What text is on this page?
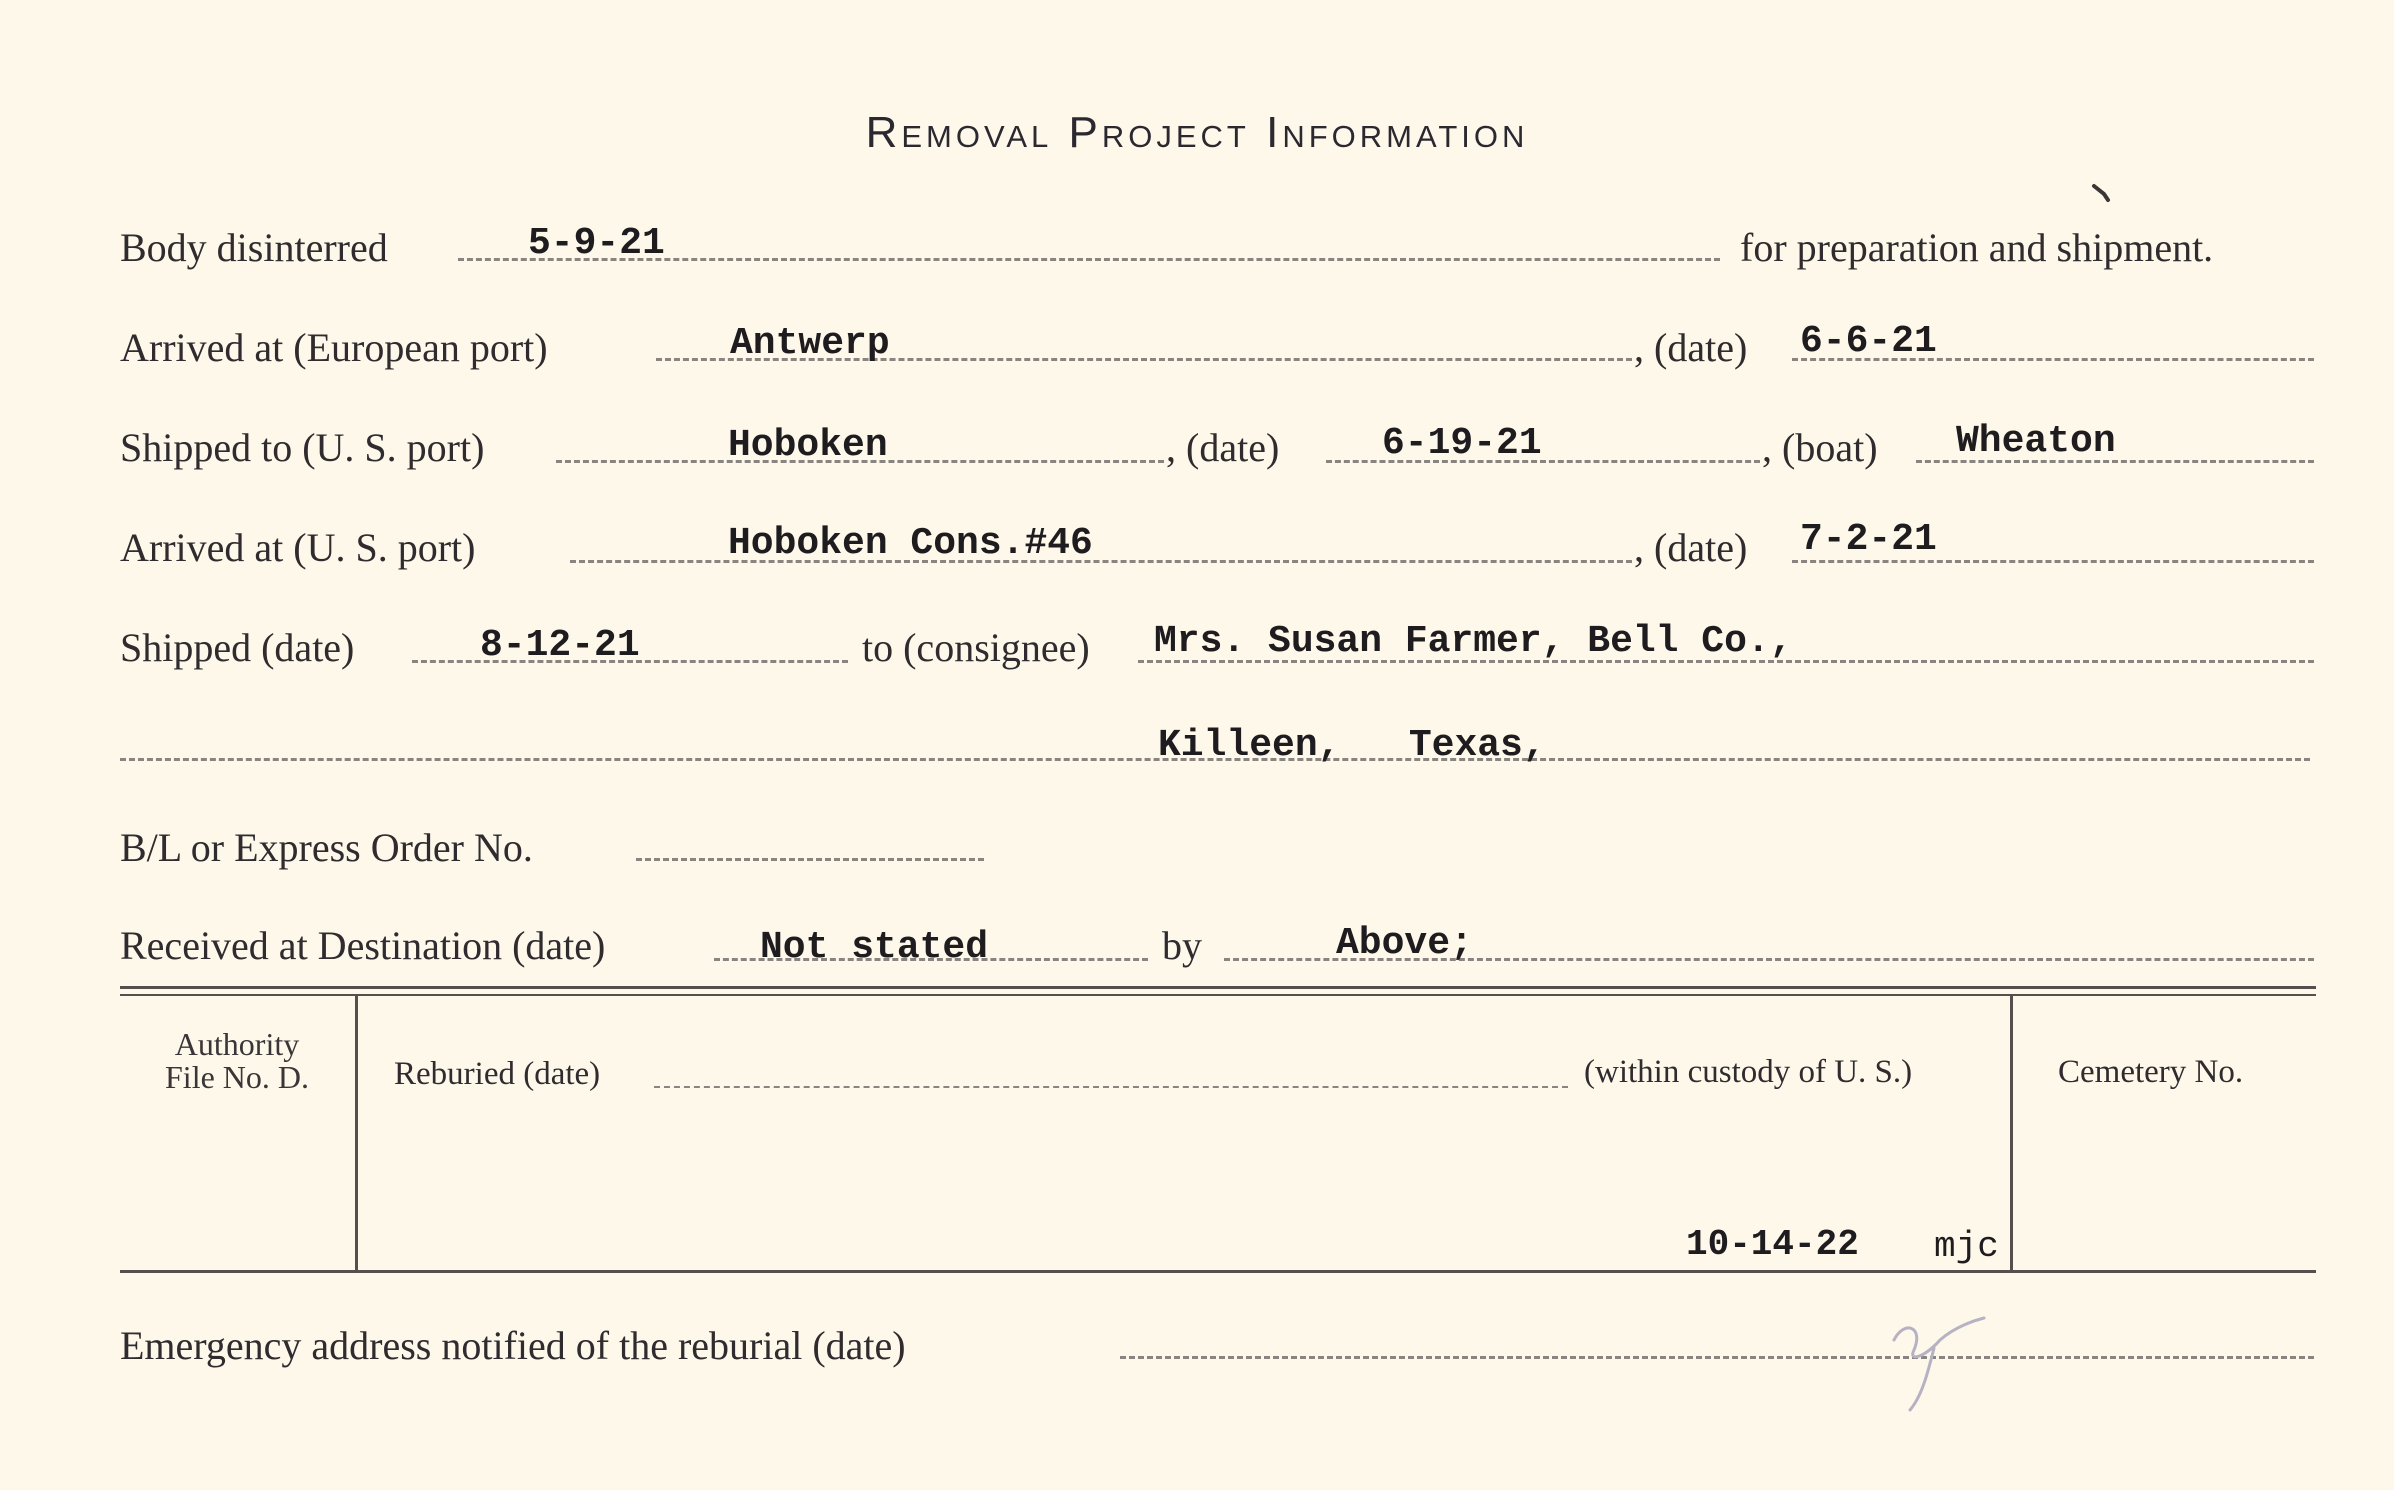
Removal Project Information
Body disinterred	5-9-21	for preparation and shipment.
Arrived at (European port)	Antwerp	, (date) 6-6-21
Shipped to (U. S. port)	Hoboken	, (date)	6-19-21	, (boat) Wheaton
Arrived at (U. S. port)	Hoboken Cons.#46	, (date) 7-2-21
Shipped (date)	8-12-21	to (consignee) Mrs. Susan Farmer, Bell Co.,
Killeen,   Texas,
B/L or Express Order No.
Received at Destination (date)	Not stated	by	Above;
Authority
File No. D.	Reburied (date)	(within custody of U. S.)	Cemetery No.
10-14-22 mjc
Emergency address notified of the reburial (date)
